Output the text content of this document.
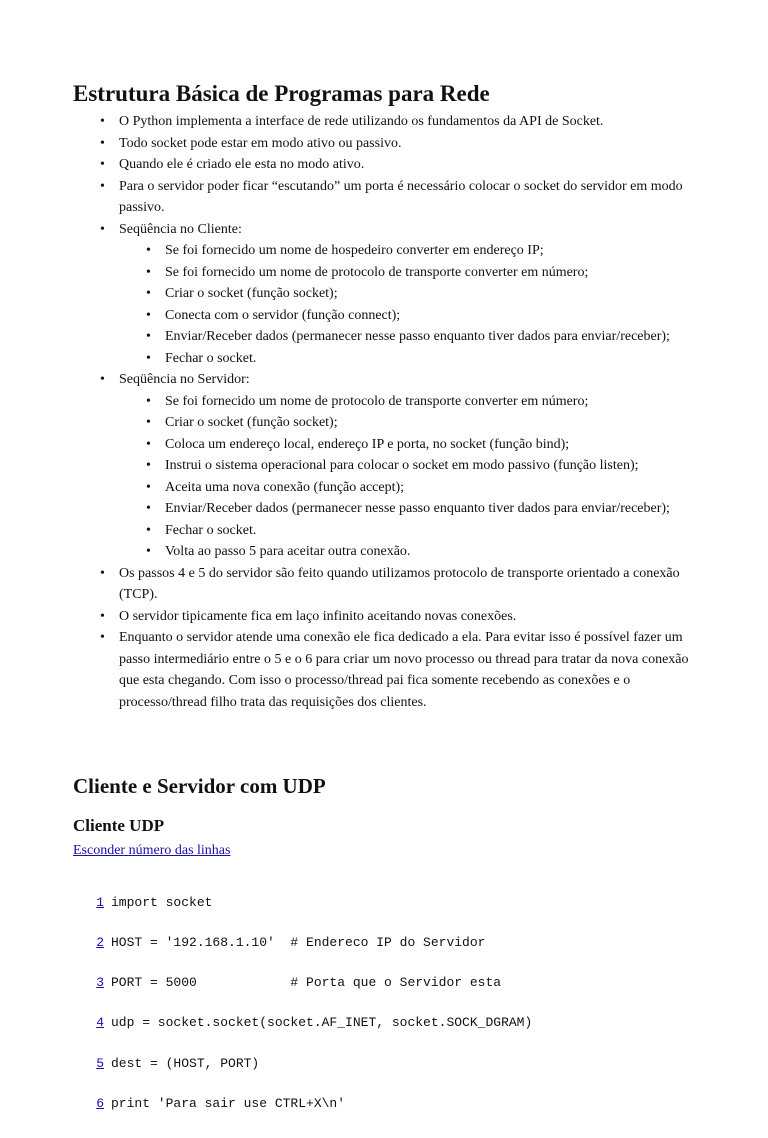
Estrutura Básica de Programas para Rede
• O Python implementa a interface de rede utilizando os fundamentos da API de Socket.
• Todo socket pode estar em modo ativo ou passivo.
• Quando ele é criado ele esta no modo ativo.
• Para o servidor poder ficar “escutando” um porta é necessário colocar o socket do servidor em modo passivo.
• Seqüência no Cliente:
• Se foi fornecido um nome de hospedeiro converter em endereço IP;
• Se foi fornecido um nome de protocolo de transporte converter em número;
• Criar o socket (função socket);
• Conecta com o servidor (função connect);
• Enviar/Receber dados (permanecer nesse passo enquanto tiver dados para enviar/receber);
• Fechar o socket.
• Seqüência no Servidor:
• Se foi fornecido um nome de protocolo de transporte converter em número;
• Criar o socket (função socket);
• Coloca um endereço local, endereço IP e porta, no socket (função bind);
• Instrui o sistema operacional para colocar o socket em modo passivo (função listen);
• Aceita uma nova conexão (função accept);
• Enviar/Receber dados (permanecer nesse passo enquanto tiver dados para enviar/receber);
• Fechar o socket.
• Volta ao passo 5 para aceitar outra conexão.
• Os passos 4 e 5 do servidor são feito quando utilizamos protocolo de transporte orientado a conexão (TCP).
• O servidor tipicamente fica em laço infinito aceitando novas conexões.
• Enquanto o servidor atende uma conexão ele fica dedicado a ela. Para evitar isso é possível fazer um passo intermediário entre o 5 e o 6 para criar um novo processo ou thread para tratar da nova conexão que esta chegando. Com isso o processo/thread pai fica somente recebendo as conexões e o processo/thread filho trata das requisições dos clientes.
Cliente e Servidor com UDP
Cliente UDP
Esconder número das linhas

1 import socket

2 HOST = '192.168.1.10'  # Endereco IP do Servidor

3 PORT = 5000            # Porta que o Servidor esta

4 udp = socket.socket(socket.AF_INET, socket.SOCK_DGRAM)

5 dest = (HOST, PORT)

6 print 'Para sair use CTRL+X\n'
